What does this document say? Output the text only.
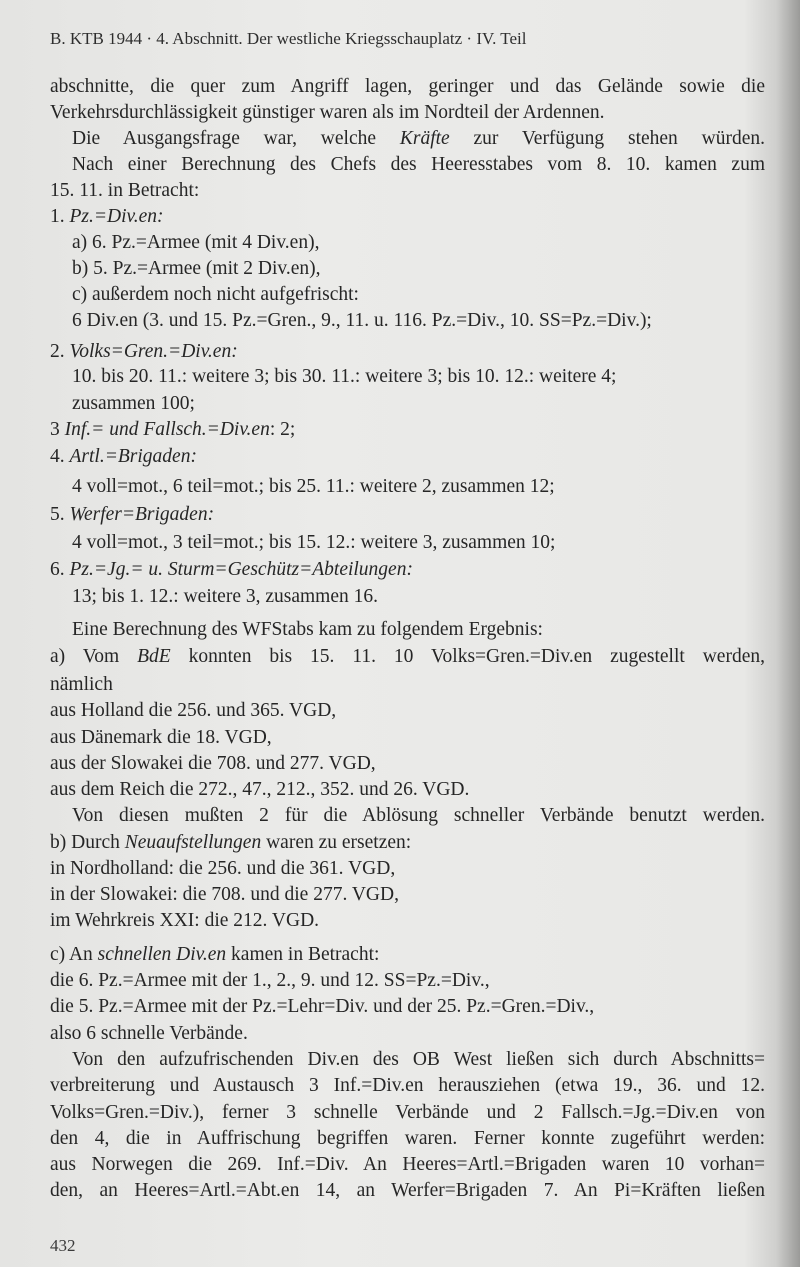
B. KTB 1944 · 4. Abschnitt. Der westliche Kriegsschauplatz · IV. Teil
abschnitte, die quer zum Angriff lagen, geringer und das Gelände sowie die
Verkehrsdurchlässigkeit günstiger waren als im Nordteil der Ardennen.
Die Ausgangsfrage war, welche Kräfte zur Verfügung stehen würden.
Nach einer Berechnung des Chefs des Heeresstabes vom 8. 10. kamen zum
15. 11. in Betracht:
1. Pz.=Div.en:
a) 6. Pz.=Armee (mit 4 Div.en),
b) 5. Pz.=Armee (mit 2 Div.en),
c) außerdem noch nicht aufgefrischt:
6 Div.en (3. und 15. Pz.=Gren., 9., 11. u. 116. Pz.=Div., 10. SS=Pz.=Div.);
2. Volks=Gren.=Div.en:
10. bis 20. 11.: weitere 3; bis 30. 11.: weitere 3; bis 10. 12.: weitere 4;
zusammen 100;
3 Inf.= und Fallsch.=Div.en: 2;
4. Artl.=Brigaden:
4 voll=mot., 6 teil=mot.; bis 25. 11.: weitere 2, zusammen 12;
5. Werfer=Brigaden:
4 voll=mot., 3 teil=mot.; bis 15. 12.: weitere 3, zusammen 10;
6. Pz.=Jg.= u. Sturm=Geschütz=Abteilungen:
13; bis 1. 12.: weitere 3, zusammen 16.
Eine Berechnung des WFStabs kam zu folgendem Ergebnis:
a) Vom BdE konnten bis 15. 11. 10 Volks=Gren.=Div.en zugestellt werden,
nämlich
aus Holland die 256. und 365. VGD,
aus Dänemark die 18. VGD,
aus der Slowakei die 708. und 277. VGD,
aus dem Reich die 272., 47., 212., 352. und 26. VGD.
Von diesen mußten 2 für die Ablösung schneller Verbände benutzt werden.
b) Durch Neuaufstellungen waren zu ersetzen:
in Nordholland: die 256. und die 361. VGD,
in der Slowakei: die 708. und die 277. VGD,
im Wehrkreis XXI: die 212. VGD.
c) An schnellen Div.en kamen in Betracht:
die 6. Pz.=Armee mit der 1., 2., 9. und 12. SS=Pz.=Div.,
die 5. Pz.=Armee mit der Pz.=Lehr=Div. und der 25. Pz.=Gren.=Div.,
also 6 schnelle Verbände.
Von den aufzufrischenden Div.en des OB West ließen sich durch Abschnitts=
verbreiterung und Austausch 3 Inf.=Div.en herausziehen (etwa 19., 36. und 12.
Volks=Gren.=Div.), ferner 3 schnelle Verbände und 2 Fallsch.=Jg.=Div.en von
den 4, die in Auffrischung begriffen waren. Ferner konnte zugeführt werden:
aus Norwegen die 269. Inf.=Div. An Heeres=Artl.=Brigaden waren 10 vorhan=
den, an Heeres=Artl.=Abt.en 14, an Werfer=Brigaden 7. An Pi=Kräften ließen
432
